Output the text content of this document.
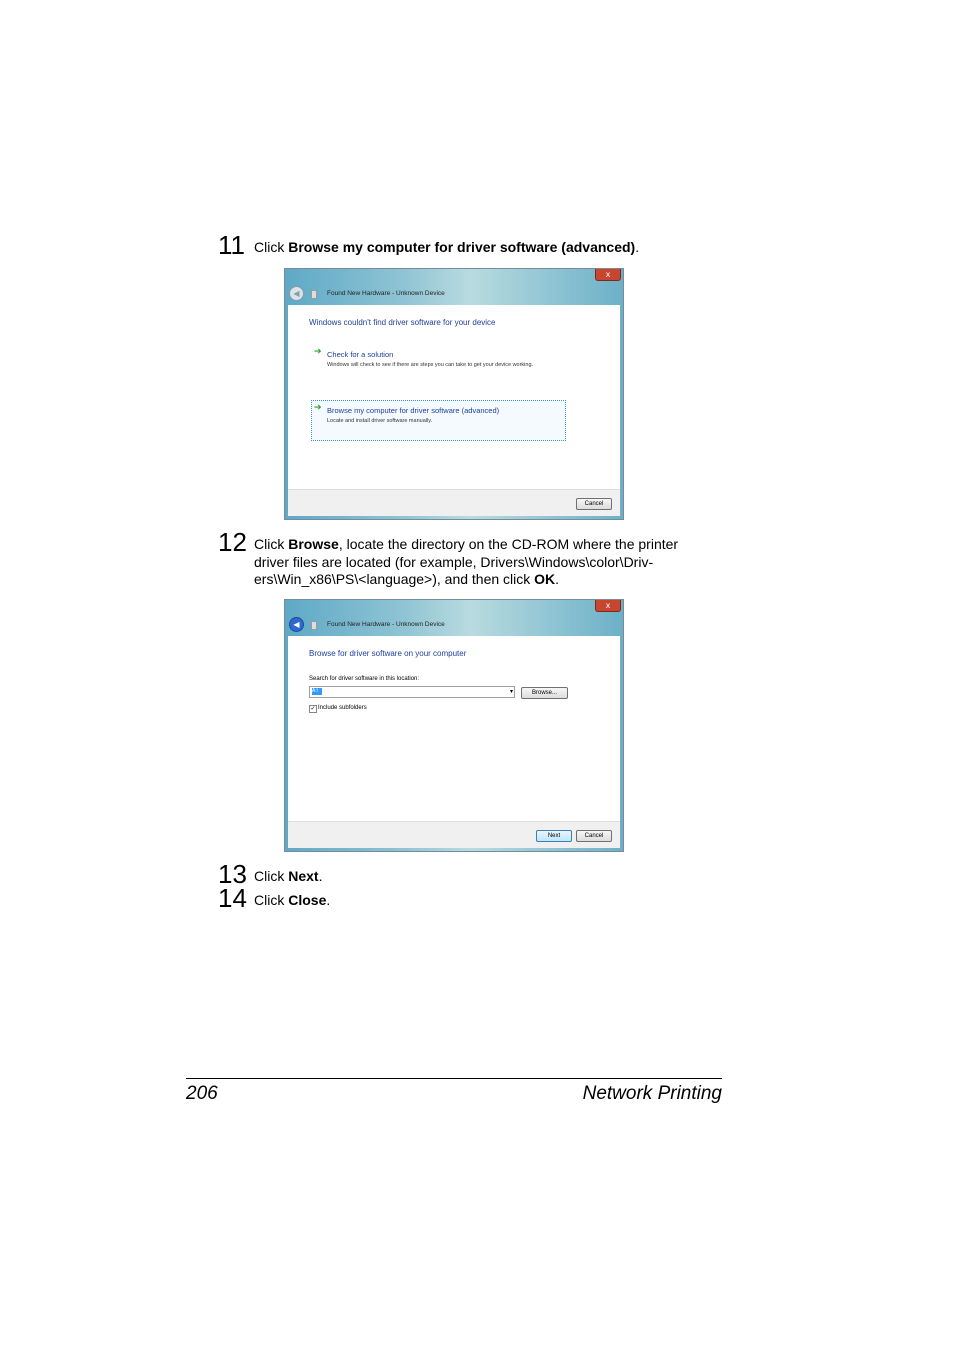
11 Click Browse my computer for driver software (advanced).
x
◀	Found New Hardware - Unknown Device
Windows couldn't find driver software for your device
➔ Check for a solution
Windows will check to see if there are steps you can take to get your device working.
➔ Browse my computer for driver software (advanced)
Locate and install driver software manually.
Cancel
12 Click Browse, locate the directory on the CD-ROM where the printer driver files are located (for example, Drivers\Windows\color\Driv-ers\Win_x86\PS\<language>), and then click OK.
x
◀	Found New Hardware - Unknown Device
Browse for driver software on your computer
Search for driver software in this location:
A:\	▾	Browse...
✓ Include subfolders
Next	Cancel
13 Click Next.
14 Click Close.
206	Network Printing
